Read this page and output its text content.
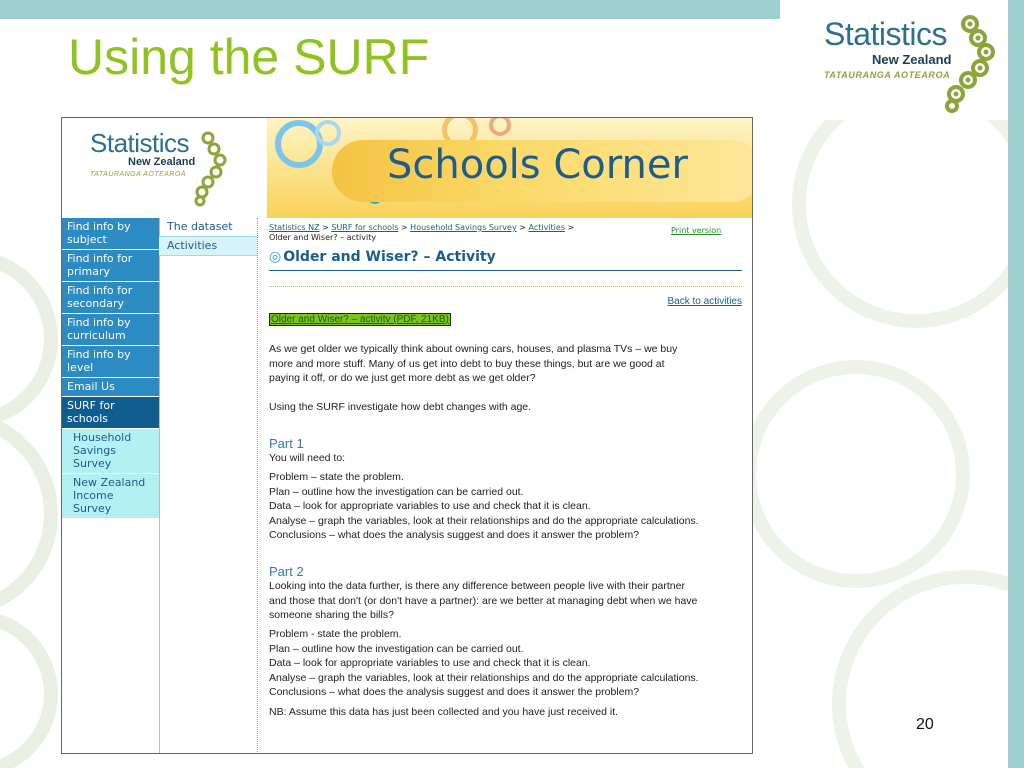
Using the SURF	Statistics
New Zealand
TATAURANGA AOTEAROA
20
Statistics
New Zealand
TATAURANGA AOTEAROA	Schools Corner
Find info by subject
Find info for primary
Find info for secondary
Find info by curriculum
Find info by level
Email Us
SURF for schools
Household Savings Survey
New Zealand Income Survey
The dataset
Activities
Statistics NZ > SURF for schools > Household Savings Survey > Activities >
Older and Wiser? – activity
Print version
◎ Older and Wiser? – Activity
Back to activities
Older and Wiser? – activity (PDF, 21KB)
As we get older we typically think about owning cars, houses, and plasma TVs – we buy
more and more stuff. Many of us get into debt to buy these things, but are we good at
paying it off, or do we just get more debt as we get older?
Using the SURF investigate how debt changes with age.
Part 1
You will need to:
Problem – state the problem.
Plan – outline how the investigation can be carried out.
Data – look for appropriate variables to use and check that it is clean.
Analyse – graph the variables, look at their relationships and do the appropriate calculations.
Conclusions – what does the analysis suggest and does it answer the problem?
Part 2
Looking into the data further, is there any difference between people live with their partner
and those that don't (or don't have a partner): are we better at managing debt when we have
someone sharing the bills?
Problem - state the problem.
Plan – outline how the investigation can be carried out.
Data – look for appropriate variables to use and check that it is clean.
Analyse – graph the variables, look at their relationships and do the appropriate calculations.
Conclusions – what does the analysis suggest and does it answer the problem?
NB: Assume this data has just been collected and you have just received it.
